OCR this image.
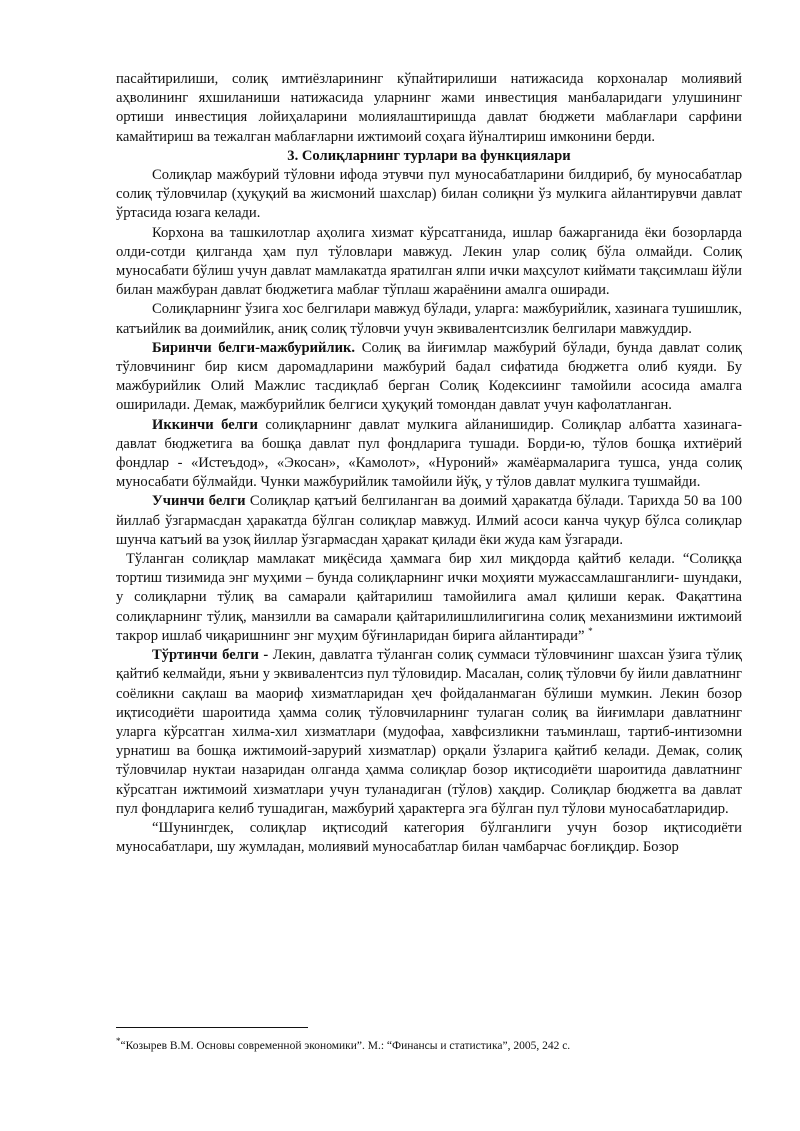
пасайтирилиши, солиқ имтиёзларининг кўпайтирилиши натижасида корхоналар молиявий аҳволининг яхшиланиши натижасида уларнинг жами инвестиция манбаларидаги улушининг ортиши инвестиция лойиҳаларини молиялаштиришда давлат бюджети маблағлари сарфини камайтириш ва тежалган маблағларни ижтимоий соҳага йўналтириш имконини берди.

3. Солиқларнинг турлари ва функциялари

Солиқлар мажбурий тўловни ифода этувчи пул муносабатларини билдириб, бу муносабатлар солиқ тўловчилар (ҳуқуқий ва жисмоний шахслар) билан солиқни ўз мулкига айлантирувчи давлат ўртасида юзага келади.

Корхона ва ташкилотлар аҳолига хизмат кўрсатганида, ишлар бажарганида ёки бозорларда олди-сотди қилганда ҳам пул тўловлари мавжуд. Лекин улар солиқ бўла олмайди. Солиқ муносабати бўлиш учун давлат мамлакатда яратилган ялпи ички маҳсулот киймати тақсимлаш йўли билан мажбуран давлат бюджетига маблағ тўплаш жараёнини амалга оширади.

Солиқларнинг ўзига хос белгилари мавжуд бўлади, уларга: мажбурийлик, хазинага тушишлик, катъийлик ва доимийлик, аниқ солиқ тўловчи учун эквивалентсизлик белгилари мавжуддир.

Биринчи белги-мажбурийлик. Солиқ ва йиғимлар мажбурий бўлади, бунда давлат солиқ тўловчининг бир кисм даромадларини мажбурий бадал сифатида бюджетга олиб куяди. Бу мажбурийлик Олий Мажлис тасдиқлаб берган Солиқ Кодексиинг тамойили асосида амалга оширилади. Демак, мажбурийлик белгиси ҳуқуқий томондан давлат учун кафолатланган.

Иккинчи белги солиқларнинг давлат мулкига айланишидир. Солиқлар албатта хазинага-давлат бюджетига ва бошқа давлат пул фондларига тушади. Борди-ю, тўлов бошқа ихтиёрий фондлар - «Истеъдод», «Экосан», «Камолот», «Нуроний» жамёармаларига тушса, унда солиқ муносабати бўлмайди. Чунки мажбурийлик тамойили йўқ, у тўлов давлат мулкига тушмайди.

Учинчи белги Солиқлар қатъий белгиланган ва доимий ҳаракатда бўлади. Тарихда 50 ва 100 йиллаб ўзгармасдан ҳаракатда бўлган солиқлар мавжуд. Илмий асоси канча чуқур бўлса солиқлар шунча катъий ва узоқ йиллар ўзгармасдан ҳаракат қилади ёки жуда кам ўзгаради.

Тўланган солиқлар мамлакат миқёсида ҳаммага бир хил миқдорда қайтиб келади. “Солиққа тортиш тизимида энг муҳими – бунда солиқларнинг ички моҳияти мужассамлашганлиги- шундаки, у солиқларни тўлиқ ва самарали қайтарилиш тамойилига амал қилиши керак. Фақаттина солиқларнинг тўлиқ, манзилли ва самарали қайтарилишлилигигина солиқ механизмини ижтимоий такрор ишлаб чиқаришнинг энг муҳим бўғинларидан бирига айлантиради” *

Тўртинчи белги - Лекин, давлатга тўланган солиқ суммаси тўловчининг шахсан ўзига тўлиқ қайтиб келмайди, яъни у эквивалентсиз пул тўловидир. Масалан, солиқ тўловчи бу йили давлатнинг соёликни сақлаш ва маориф хизматларидан ҳеч фойдаланмаган бўлиши мумкин. Лекин бозор иқтисодиёти шароитида ҳамма солиқ тўловчиларнинг тулаган солиқ ва йиғимлари давлатнинг уларга кўрсатган хилма-хил хизматлари (мудофаа, хавфсизликни таъминлаш, тартиб-интизомни урнатиш ва бошқа ижтимоий-зарурий хизматлар) орқали ўзларига қайтиб келади. Демак, солиқ тўловчилар нуктаи назаридан олганда ҳамма солиқлар бозор иқтисодиёти шароитида давлатнинг кўрсатган ижтимоий хизматлари учун туланадиган (тўлов) хақдир. Солиқлар бюджетга ва давлат пул фондларига келиб тушадиган, мажбурий ҳарактерга эга бўлган пул тўлови муносабатларидир.

“Шунингдек, солиқлар иқтисодий категория бўлганлиги учун бозор иқтисодиёти муносабатлари, шу жумладан, молиявий муносабатлар билан чамбарчас боғлиқдир. Бозор

*“Козырев В.М. Основы современной экономики”. М.: “Финансы и статистика”, 2005, 242 с.
